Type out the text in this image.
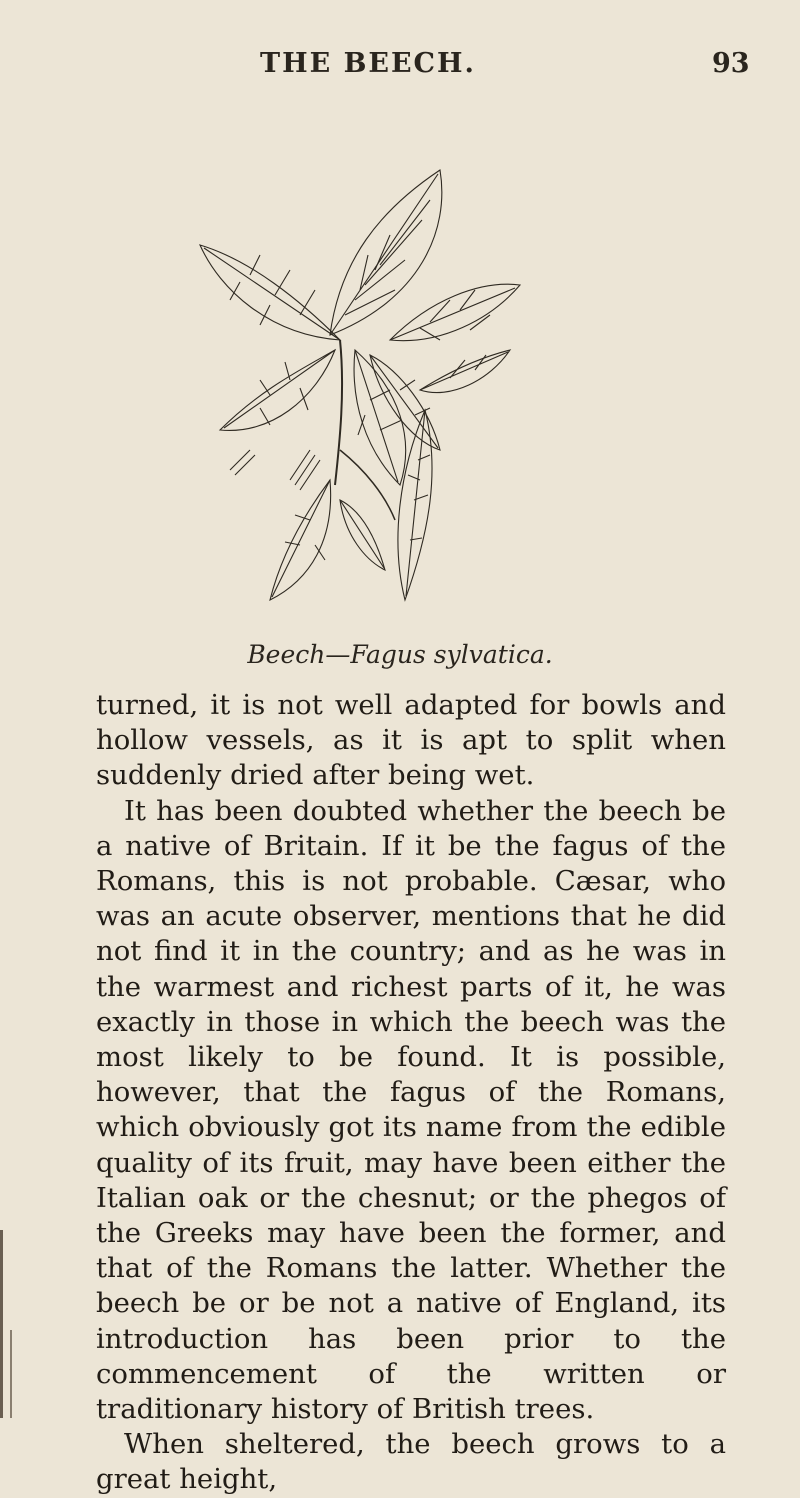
THE BEECH.	93
Beech—Fagus sylvatica.

turned, it is not well adapted for bowls and hollow vessels, as it is apt to split when suddenly dried after being wet.

It has been doubted whether the beech be a native of Britain. If it be the fagus of the Romans, this is not probable. Cæsar, who was an acute observer, mentions that he did not find it in the country; and as he was in the warmest and richest parts of it, he was exactly in those in which the beech was the most likely to be found. It is possible, however, that the fagus of the Romans, which obviously got its name from the edible quality of its fruit, may have been either the Italian oak or the chesnut; or the phegos of the Greeks may have been the former, and that of the Romans the latter. Whether the beech be or be not a native of England, its introduction has been prior to the commencement of the written or traditionary history of British trees.

When sheltered, the beech grows to a great height,
